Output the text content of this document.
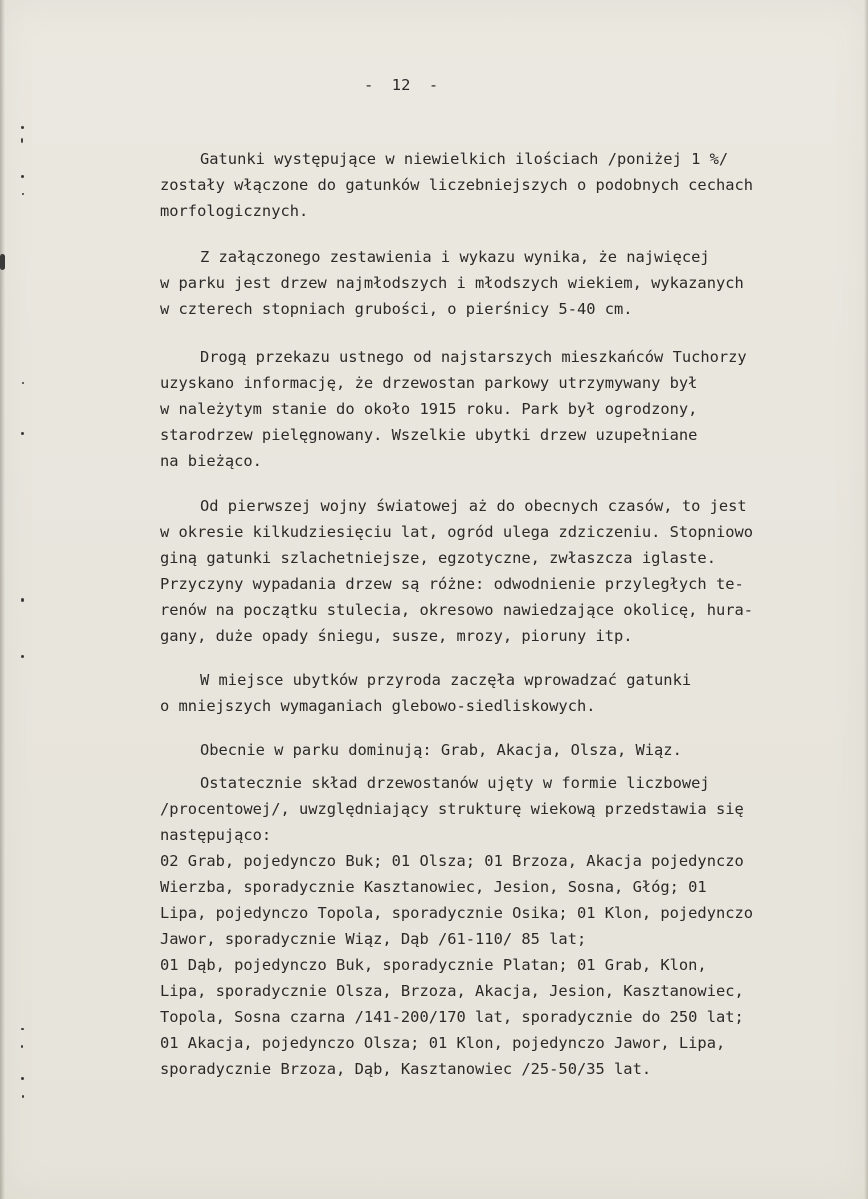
-  12  -
Gatunki występujące w niewielkich ilościach /poniżej 1 %/
zostały włączone do gatunków liczebniejszych o podobnych cechach
morfologicznych.
Z załączonego zestawienia i wykazu wynika, że najwięcej
w parku jest drzew najmłodszych i młodszych wiekiem, wykazanych
w czterech stopniach grubości, o pierśnicy 5-40 cm.
Drogą przekazu ustnego od najstarszych mieszkańców Tuchorzy
uzyskano informację, że drzewostan parkowy utrzymywany był
w należytym stanie do około 1915 roku. Park był ogrodzony,
starodrzew pielęgnowany. Wszelkie ubytki drzew uzupełniane
na bieżąco.
Od pierwszej wojny światowej aż do obecnych czasów, to jest
w okresie kilkudziesięciu lat, ogród ulega zdziczeniu. Stopniowo
giną gatunki szlachetniejsze, egzotyczne, zwłaszcza iglaste.
Przyczyny wypadania drzew są różne: odwodnienie przyległych te-
renów na początku stulecia, okresowo nawiedzające okolicę, hura-
gany, duże opady śniegu, susze, mrozy, pioruny itp.
W miejsce ubytków przyroda zaczęła wprowadzać gatunki
o mniejszych wymaganiach glebowo-siedliskowych.
Obecnie w parku dominują: Grab, Akacja, Olsza, Wiąz.
Ostatecznie skład drzewostanów ujęty w formie liczbowej
/procentowej/, uwzględniający strukturę wiekową przedstawia się
następująco:
02 Grab, pojedynczo Buk; 01 Olsza; 01 Brzoza, Akacja pojedynczo
Wierzba, sporadycznie Kasztanowiec, Jesion, Sosna, Głóg; 01
Lipa, pojedynczo Topola, sporadycznie Osika; 01 Klon, pojedynczo
Jawor, sporadycznie Wiąz, Dąb /61-110/ 85 lat;
01 Dąb, pojedynczo Buk, sporadycznie Platan; 01 Grab, Klon,
Lipa, sporadycznie Olsza, Brzoza, Akacja, Jesion, Kasztanowiec,
Topola, Sosna czarna /141-200/170 lat, sporadycznie do 250 lat;
01 Akacja, pojedynczo Olsza; 01 Klon, pojedynczo Jawor, Lipa,
sporadycznie Brzoza, Dąb, Kasztanowiec /25-50/35 lat.
